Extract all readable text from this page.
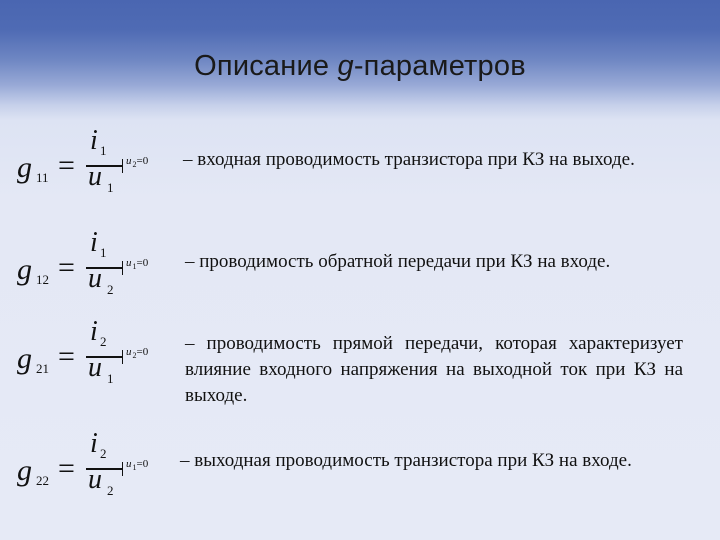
Описание g-параметров
g 11 =
i 1
u 1
$u_2=0$ – входная проводимость транзистора при КЗ на выходе.
g 12 =
i 1
u 2
$u_1=0$ – проводимость обратной передачи при КЗ на входе.
g 21 =
i 2
u 1
$u_2=0$ – проводимость прямой передачи, которая характеризует влияние входного напряжения на выходной ток при КЗ на выходе.
g 22 =
i 2
u 2
$u_1=0$ – выходная проводимость транзистора при КЗ на входе.
